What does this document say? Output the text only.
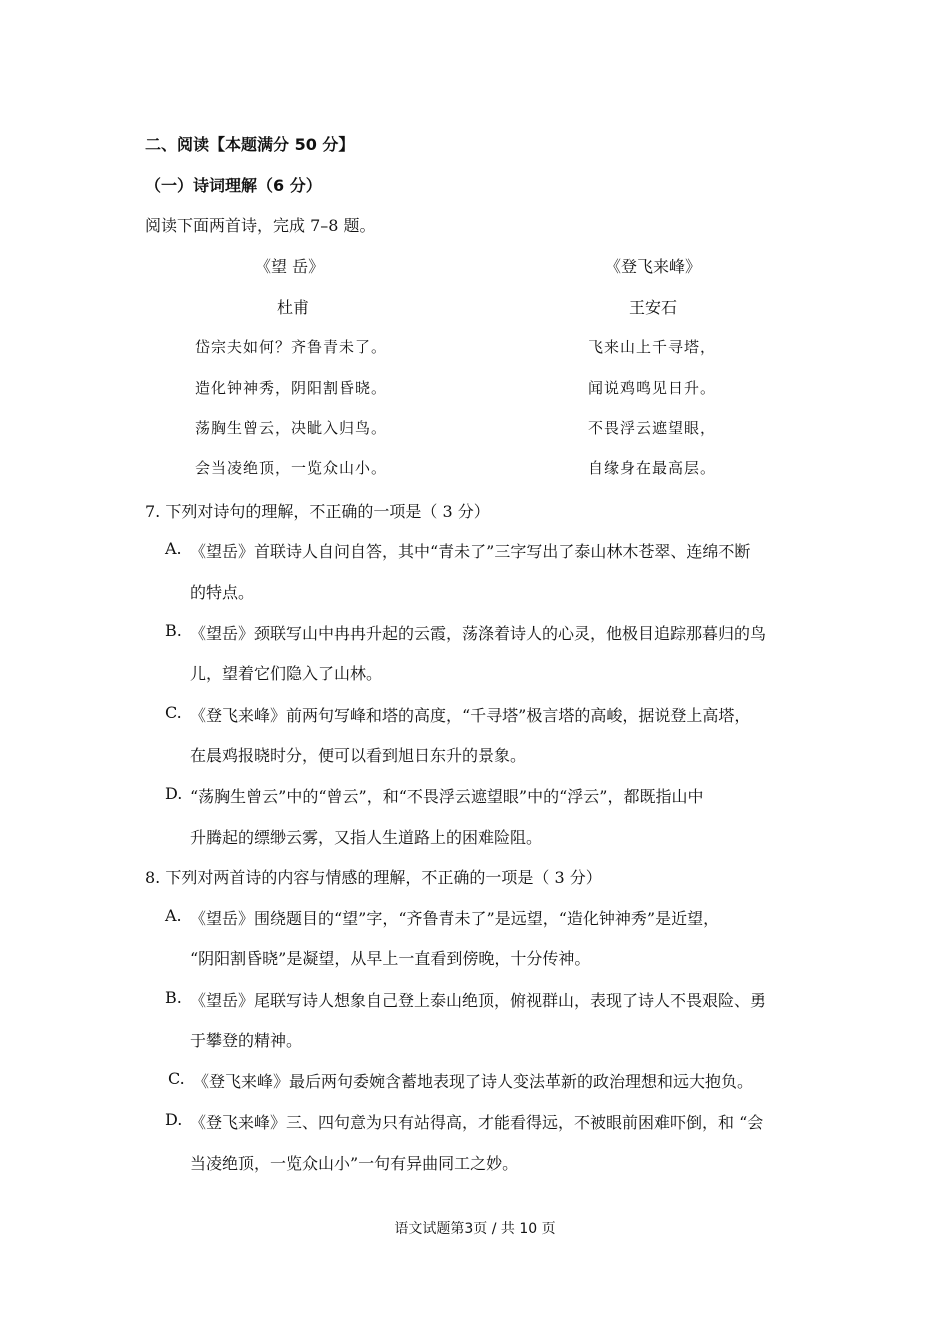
二、阅读【本题满分 50 分】
（一）诗词理解（6 分）
阅读下面两首诗，完成 7–8 题。
《望 岳》
杜甫
岱宗夫如何？齐鲁青未了。
造化钟神秀，阴阳割昏晓。
荡胸生曾云，决眦入归鸟。
会当凌绝顶，一览众山小。
《登飞来峰》
王安石
飞来山上千寻塔，
闻说鸡鸣见日升。
不畏浮云遮望眼，
自缘身在最高层。
7. 下列对诗句的理解，不正确的一项是（ 3 分）
A. 《望岳》首联诗人自问自答，其中“青未了”三字写出了泰山林木苍翠、连绵不断
的特点。
B. 《望岳》颈联写山中冉冉升起的云霞，荡涤着诗人的心灵，他极目追踪那暮归的鸟
儿，望着它们隐入了山林。
C. 《登飞来峰》前两句写峰和塔的高度，“千寻塔”极言塔的高峻，据说登上高塔，
在晨鸡报晓时分，便可以看到旭日东升的景象。
D. “荡胸生曾云”中的“曾云”，和“不畏浮云遮望眼”中的“浮云”，都既指山中
升腾起的缥缈云雾，又指人生道路上的困难险阻。
8. 下列对两首诗的内容与情感的理解，不正确的一项是（ 3 分）
A. 《望岳》围绕题目的“望”字，“齐鲁青未了”是远望，“造化钟神秀”是近望，
“阴阳割昏晓”是凝望，从早上一直看到傍晚，十分传神。
B. 《望岳》尾联写诗人想象自己登上泰山绝顶，俯视群山，表现了诗人不畏艰险、勇
于攀登的精神。
C. 《登飞来峰》最后两句委婉含蓄地表现了诗人变法革新的政治理想和远大抱负。
D. 《登飞来峰》三、四句意为只有站得高，才能看得远，不被眼前困难吓倒，和 “会
当凌绝顶，一览众山小”一句有异曲同工之妙。
语文试题第3页 / 共 10 页
